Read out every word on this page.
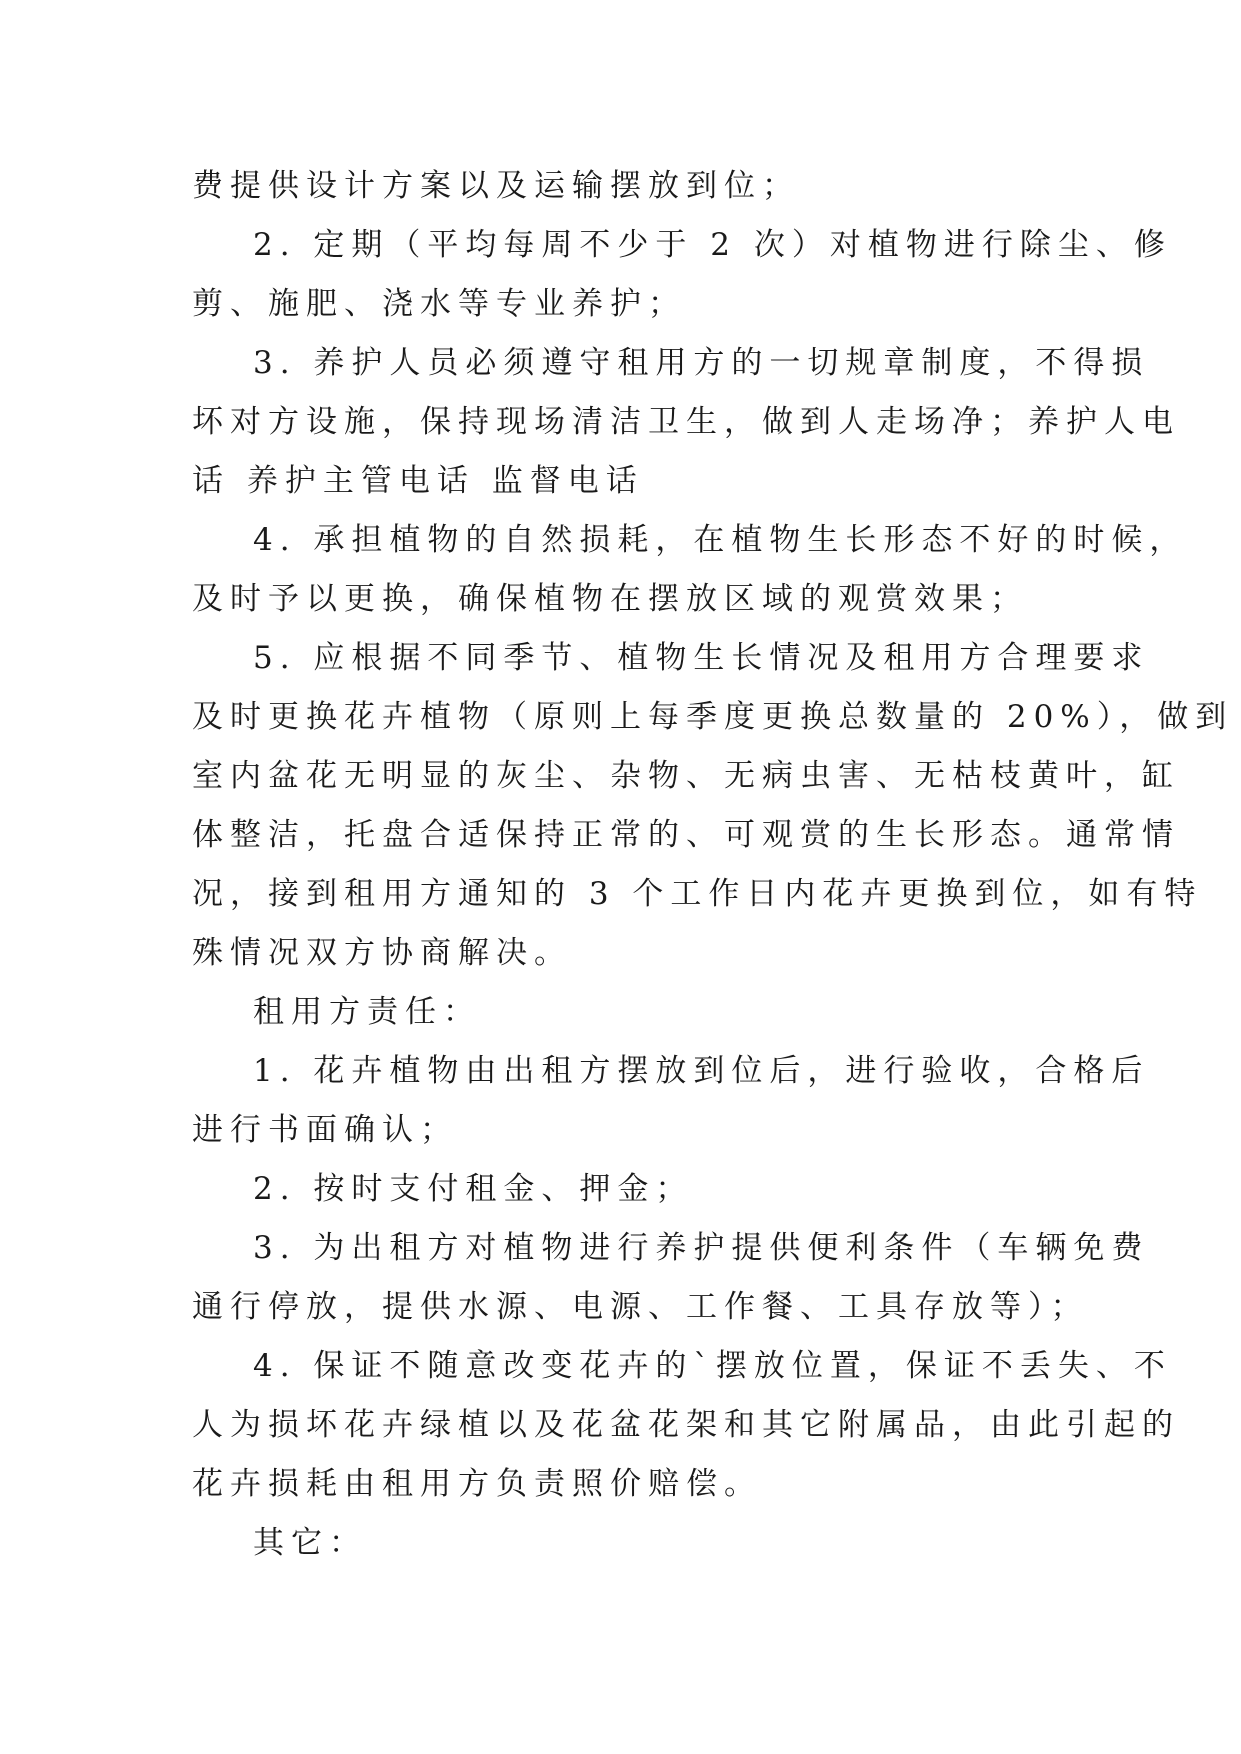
费提供设计方案以及运输摆放到位；

2. 定期（平均每周不少于 2 次）对植物进行除尘、修

剪、施肥、浇水等专业养护；

3. 养护人员必须遵守租用方的一切规章制度，不得损

坏对方设施，保持现场清洁卫生，做到人走场净；养护人电

话 养护主管电话 监督电话

4. 承担植物的自然损耗，在植物生长形态不好的时候，

及时予以更换，确保植物在摆放区域的观赏效果；

5. 应根据不同季节、植物生长情况及租用方合理要求

及时更换花卉植物（原则上每季度更换总数量的 20%），做到

室内盆花无明显的灰尘、杂物、无病虫害、无枯枝黄叶，缸

体整洁，托盘合适保持正常的、可观赏的生长形态。通常情

况，接到租用方通知的 3 个工作日内花卉更换到位，如有特

殊情况双方协商解决。

租用方责任：

1. 花卉植物由出租方摆放到位后，进行验收，合格后

进行书面确认；

2. 按时支付租金、押金；

3. 为出租方对植物进行养护提供便利条件（车辆免费

通行停放，提供水源、电源、工作餐、工具存放等）；

4. 保证不随意改变花卉的`摆放位置，保证不丢失、不

人为损坏花卉绿植以及花盆花架和其它附属品，由此引起的

花卉损耗由租用方负责照价赔偿。

其它：
